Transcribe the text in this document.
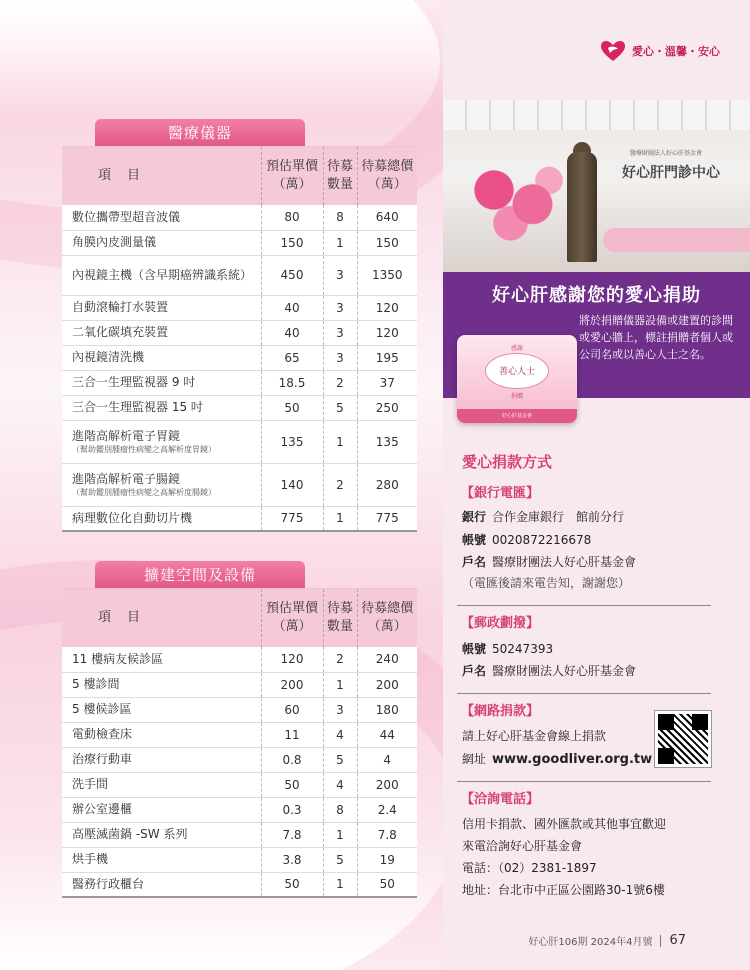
醫療儀器
項目	預估單價（萬）	待募數量	待募總價（萬）
數位攜帶型超音波儀	80	8	640
角膜內皮測量儀	150	1	150
內視鏡主機（含早期癌辨識系統）	450	3	1350
自動滾輪打水裝置	40	3	120
二氧化碳填充裝置	40	3	120
內視鏡清洗機	65	3	195
三合一生理監視器 9 吋	18.5	2	37
三合一生理監視器 15 吋	50	5	250
進階高解析電子胃鏡
（幫助鑑別腫瘤性病變之高解析度胃鏡）	135	1	135
進階高解析電子腸鏡
（幫助鑑別腫瘤性病變之高解析度腸鏡）	140	2	280
病理數位化自動切片機	775	1	775
擴建空間及設備
項目	預估單價（萬）	待募數量	待募總價（萬）
11 樓病友候診區	120	2	240
5 樓診間	200	1	200
5 樓候診區	60	3	180
電動檢查床	11	4	44
治療行動車	0.8	5	4
洗手間	50	4	200
辦公室邊櫃	0.3	8	2.4
高壓滅菌鍋 -SW 系列	7.8	1	7.8
烘手機	3.8	5	19
醫務行政櫃台	50	1	50
愛心・溫馨・安心
醫療財團法人好心肝基金會
好心肝門診中心
好心肝感謝您的愛心捐助
將於捐贈儀器設備或建置的診間或愛心牆上，標註捐贈者個人或公司名或以善心人士之名。
感謝
善心人士
捐贈
好心肝基金會
愛心捐款方式
【銀行電匯】
銀行 合作金庫銀行　館前分行
帳號 0020872216678
戶名 醫療財團法人好心肝基金會
（電匯後請來電告知，謝謝您）
【郵政劃撥】
帳號 50247393
戶名 醫療財團法人好心肝基金會
【網路捐款】
請上好心肝基金會線上捐款
網址 www.goodliver.org.tw
【洽詢電話】
信用卡捐款、國外匯款或其他事宜歡迎
來電洽詢好心肝基金會
電話：（02）2381-1897
地址：台北市中正區公園路30-1號6樓
好心肝106期 2024年4月號 67
